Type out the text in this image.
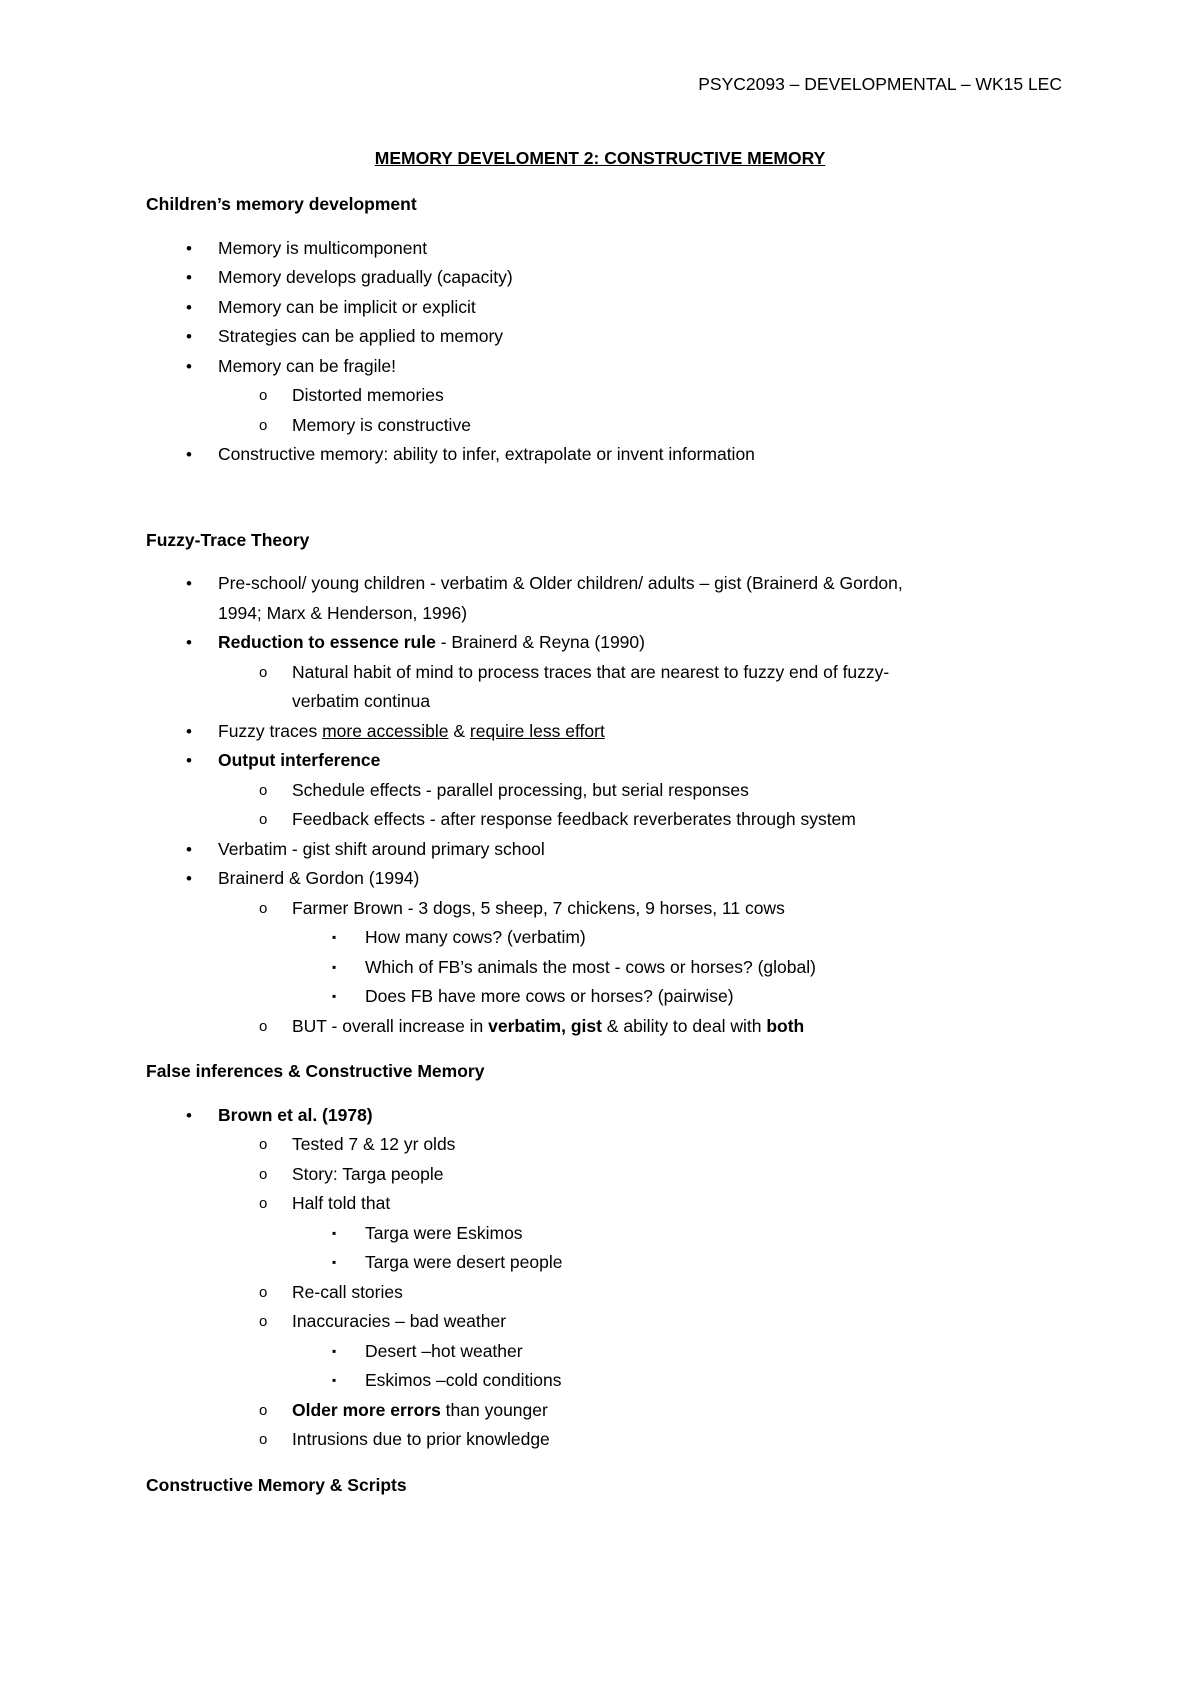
PSYC2093 – DEVELOPMENTAL – WK15 LEC
MEMORY DEVELOMENT 2: CONSTRUCTIVE MEMORY
Children’s memory development
• Memory is multicomponent
• Memory develops gradually (capacity)
• Memory can be implicit or explicit
• Strategies can be applied to memory
• Memory can be fragile!
o Distorted memories
o Memory is constructive
• Constructive memory: ability to infer, extrapolate or invent information
Fuzzy-Trace Theory
• Pre-school/ young children - verbatim & Older children/ adults – gist (Brainerd & Gordon,
1994; Marx & Henderson, 1996)
• Reduction to essence rule - Brainerd & Reyna (1990)
o Natural habit of mind to process traces that are nearest to fuzzy end of fuzzy-
verbatim continua
• Fuzzy traces more accessible & require less effort
• Output interference
o Schedule effects - parallel processing, but serial responses
o Feedback effects - after response feedback reverberates through system
• Verbatim - gist shift around primary school
• Brainerd & Gordon (1994)
o Farmer Brown - 3 dogs, 5 sheep, 7 chickens, 9 horses, 11 cows
▪ How many cows? (verbatim)
▪ Which of FB’s animals the most - cows or horses? (global)
▪ Does FB have more cows or horses? (pairwise)
o BUT - overall increase in verbatim, gist & ability to deal with both
False inferences & Constructive Memory
• Brown et al. (1978)
o Tested 7 & 12 yr olds
o Story: Targa people
o Half told that
▪ Targa were Eskimos
▪ Targa were desert people
o Re-call stories
o Inaccuracies – bad weather
▪ Desert –hot weather
▪ Eskimos –cold conditions
o Older more errors than younger
o Intrusions due to prior knowledge
Constructive Memory & Scripts
